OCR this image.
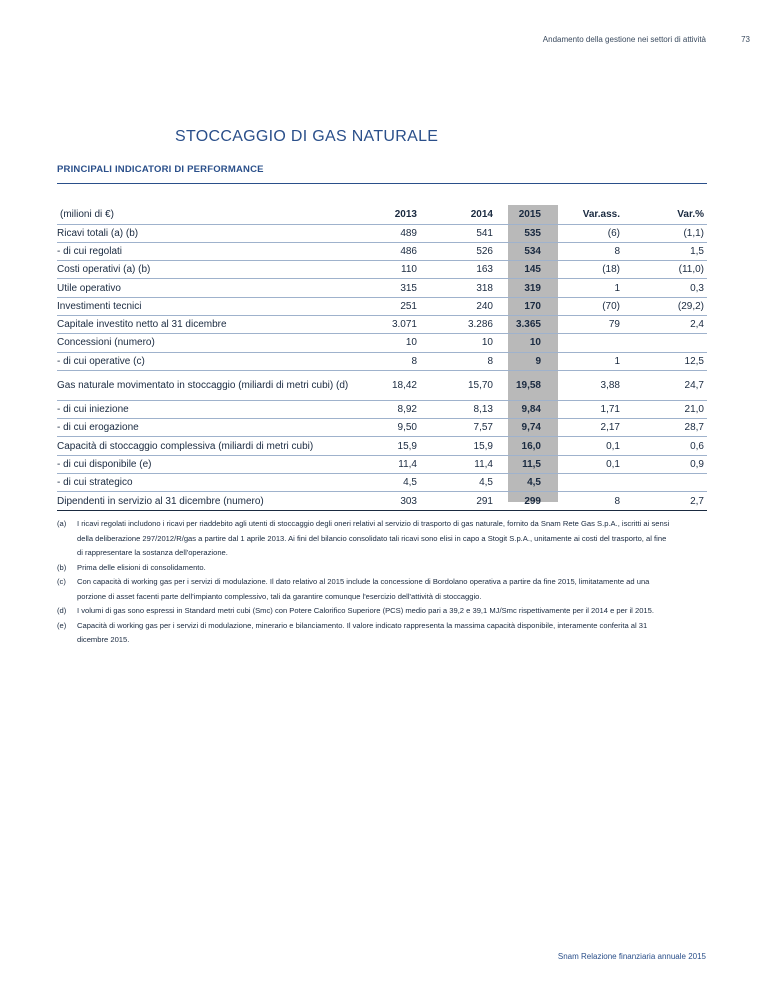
Andamento della gestione nei settori di attività	73
STOCCAGGIO DI GAS NATURALE
PRINCIPALI INDICATORI DI PERFORMANCE
(milioni di €)	2013	2014	2015	Var.ass.	Var.%
Ricavi totali (a) (b)	489	541	535	(6)	(1,1)
- di cui regolati	486	526	534	8	1,5
Costi operativi (a) (b)	110	163	145	(18)	(11,0)
Utile operativo	315	318	319	1	0,3
Investimenti tecnici	251	240	170	(70)	(29,2)
Capitale investito netto al 31 dicembre	3.071	3.286	3.365	79	2,4
Concessioni (numero)	10	10	10		
- di cui operative (c)	8	8	9	1	12,5
Gas naturale movimentato in stoccaggio (miliardi di metri cubi) (d)	18,42	15,70	19,58	3,88	24,7
- di cui iniezione	8,92	8,13	9,84	1,71	21,0
- di cui erogazione	9,50	7,57	9,74	2,17	28,7
Capacità di stoccaggio complessiva (miliardi di metri cubi)	15,9	15,9	16,0	0,1	0,6
- di cui disponibile (e)	11,4	11,4	11,5	0,1	0,9
- di cui strategico	4,5	4,5	4,5		
Dipendenti in servizio al 31 dicembre (numero)	303	291	299	8	2,7
(a)	I ricavi regolati includono i ricavi per riaddebito agli utenti di stoccaggio degli oneri relativi al servizio di trasporto di gas naturale, fornito da Snam Rete Gas S.p.A., iscritti ai sensi della deliberazione 297/2012/R/gas a partire dal 1 aprile 2013. Ai fini del bilancio consolidato tali ricavi sono elisi in capo a Stogit S.p.A., unitamente ai costi del trasporto, al fine di rappresentare la sostanza dell'operazione.
(b)	Prima delle elisioni di consolidamento.
(c)	Con capacità di working gas per i servizi di modulazione. Il dato relativo al 2015 include la concessione di Bordolano operativa a partire da fine 2015, limitatamente ad una porzione di asset facenti parte dell'impianto complessivo, tali da garantire comunque l'esercizio dell'attività di stoccaggio.
(d)	I volumi di gas sono espressi in Standard metri cubi (Smc) con Potere Calorifico Superiore (PCS) medio pari a 39,2 e 39,1 MJ/Smc rispettivamente per il 2014 e per il 2015.
(e)	Capacità di working gas per i servizi di modulazione, minerario e bilanciamento. Il valore indicato rappresenta la massima capacità disponibile, interamente conferita al 31 dicembre 2015.
Snam Relazione finanziaria annuale 2015
